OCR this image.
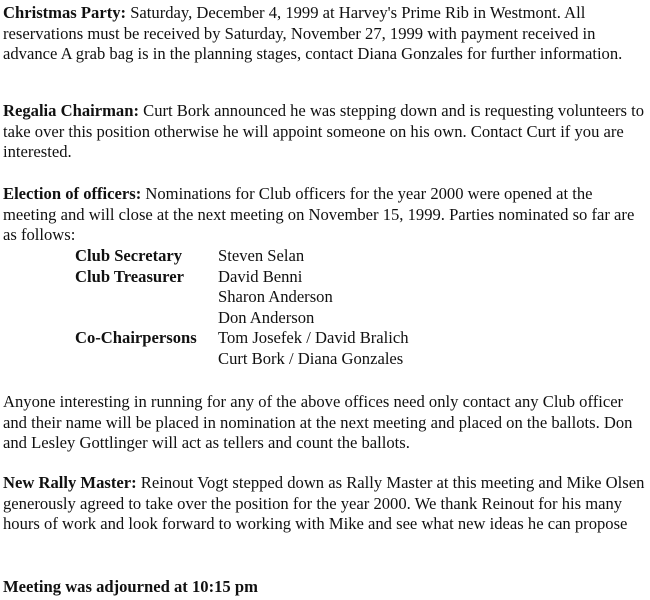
Christmas Party: Saturday, December 4, 1999 at Harvey's Prime Rib in Westmont. All reservations must be received by Saturday, November 27, 1999 with payment received in advance A grab bag is in the planning stages, contact Diana Gonzales for further information.

Regalia Chairman: Curt Bork announced he was stepping down and is requesting volunteers to take over this position otherwise he will appoint someone on his own. Contact Curt if you are interested.

Election of officers: Nominations for Club officers for the year 2000 were opened at the meeting and will close at the next meeting on November 15, 1999. Parties nominated so far are as follows:

Club Secretary	Steven Selan
Club Treasurer	David Benni
Sharon Anderson
Don Anderson
Co-Chairpersons	Tom Josefek / David Bralich
Curt Bork / Diana Gonzales

Anyone interesting in running for any of the above offices need only contact any Club officer and their name will be placed in nomination at the next meeting and placed on the ballots. Don and Lesley Gottlinger will act as tellers and count the ballots.

New Rally Master: Reinout Vogt stepped down as Rally Master at this meeting and Mike Olsen generously agreed to take over the position for the year 2000. We thank Reinout for his many hours of work and look forward to working with Mike and see what new ideas he can propose

Meeting was adjourned at 10:15 pm
